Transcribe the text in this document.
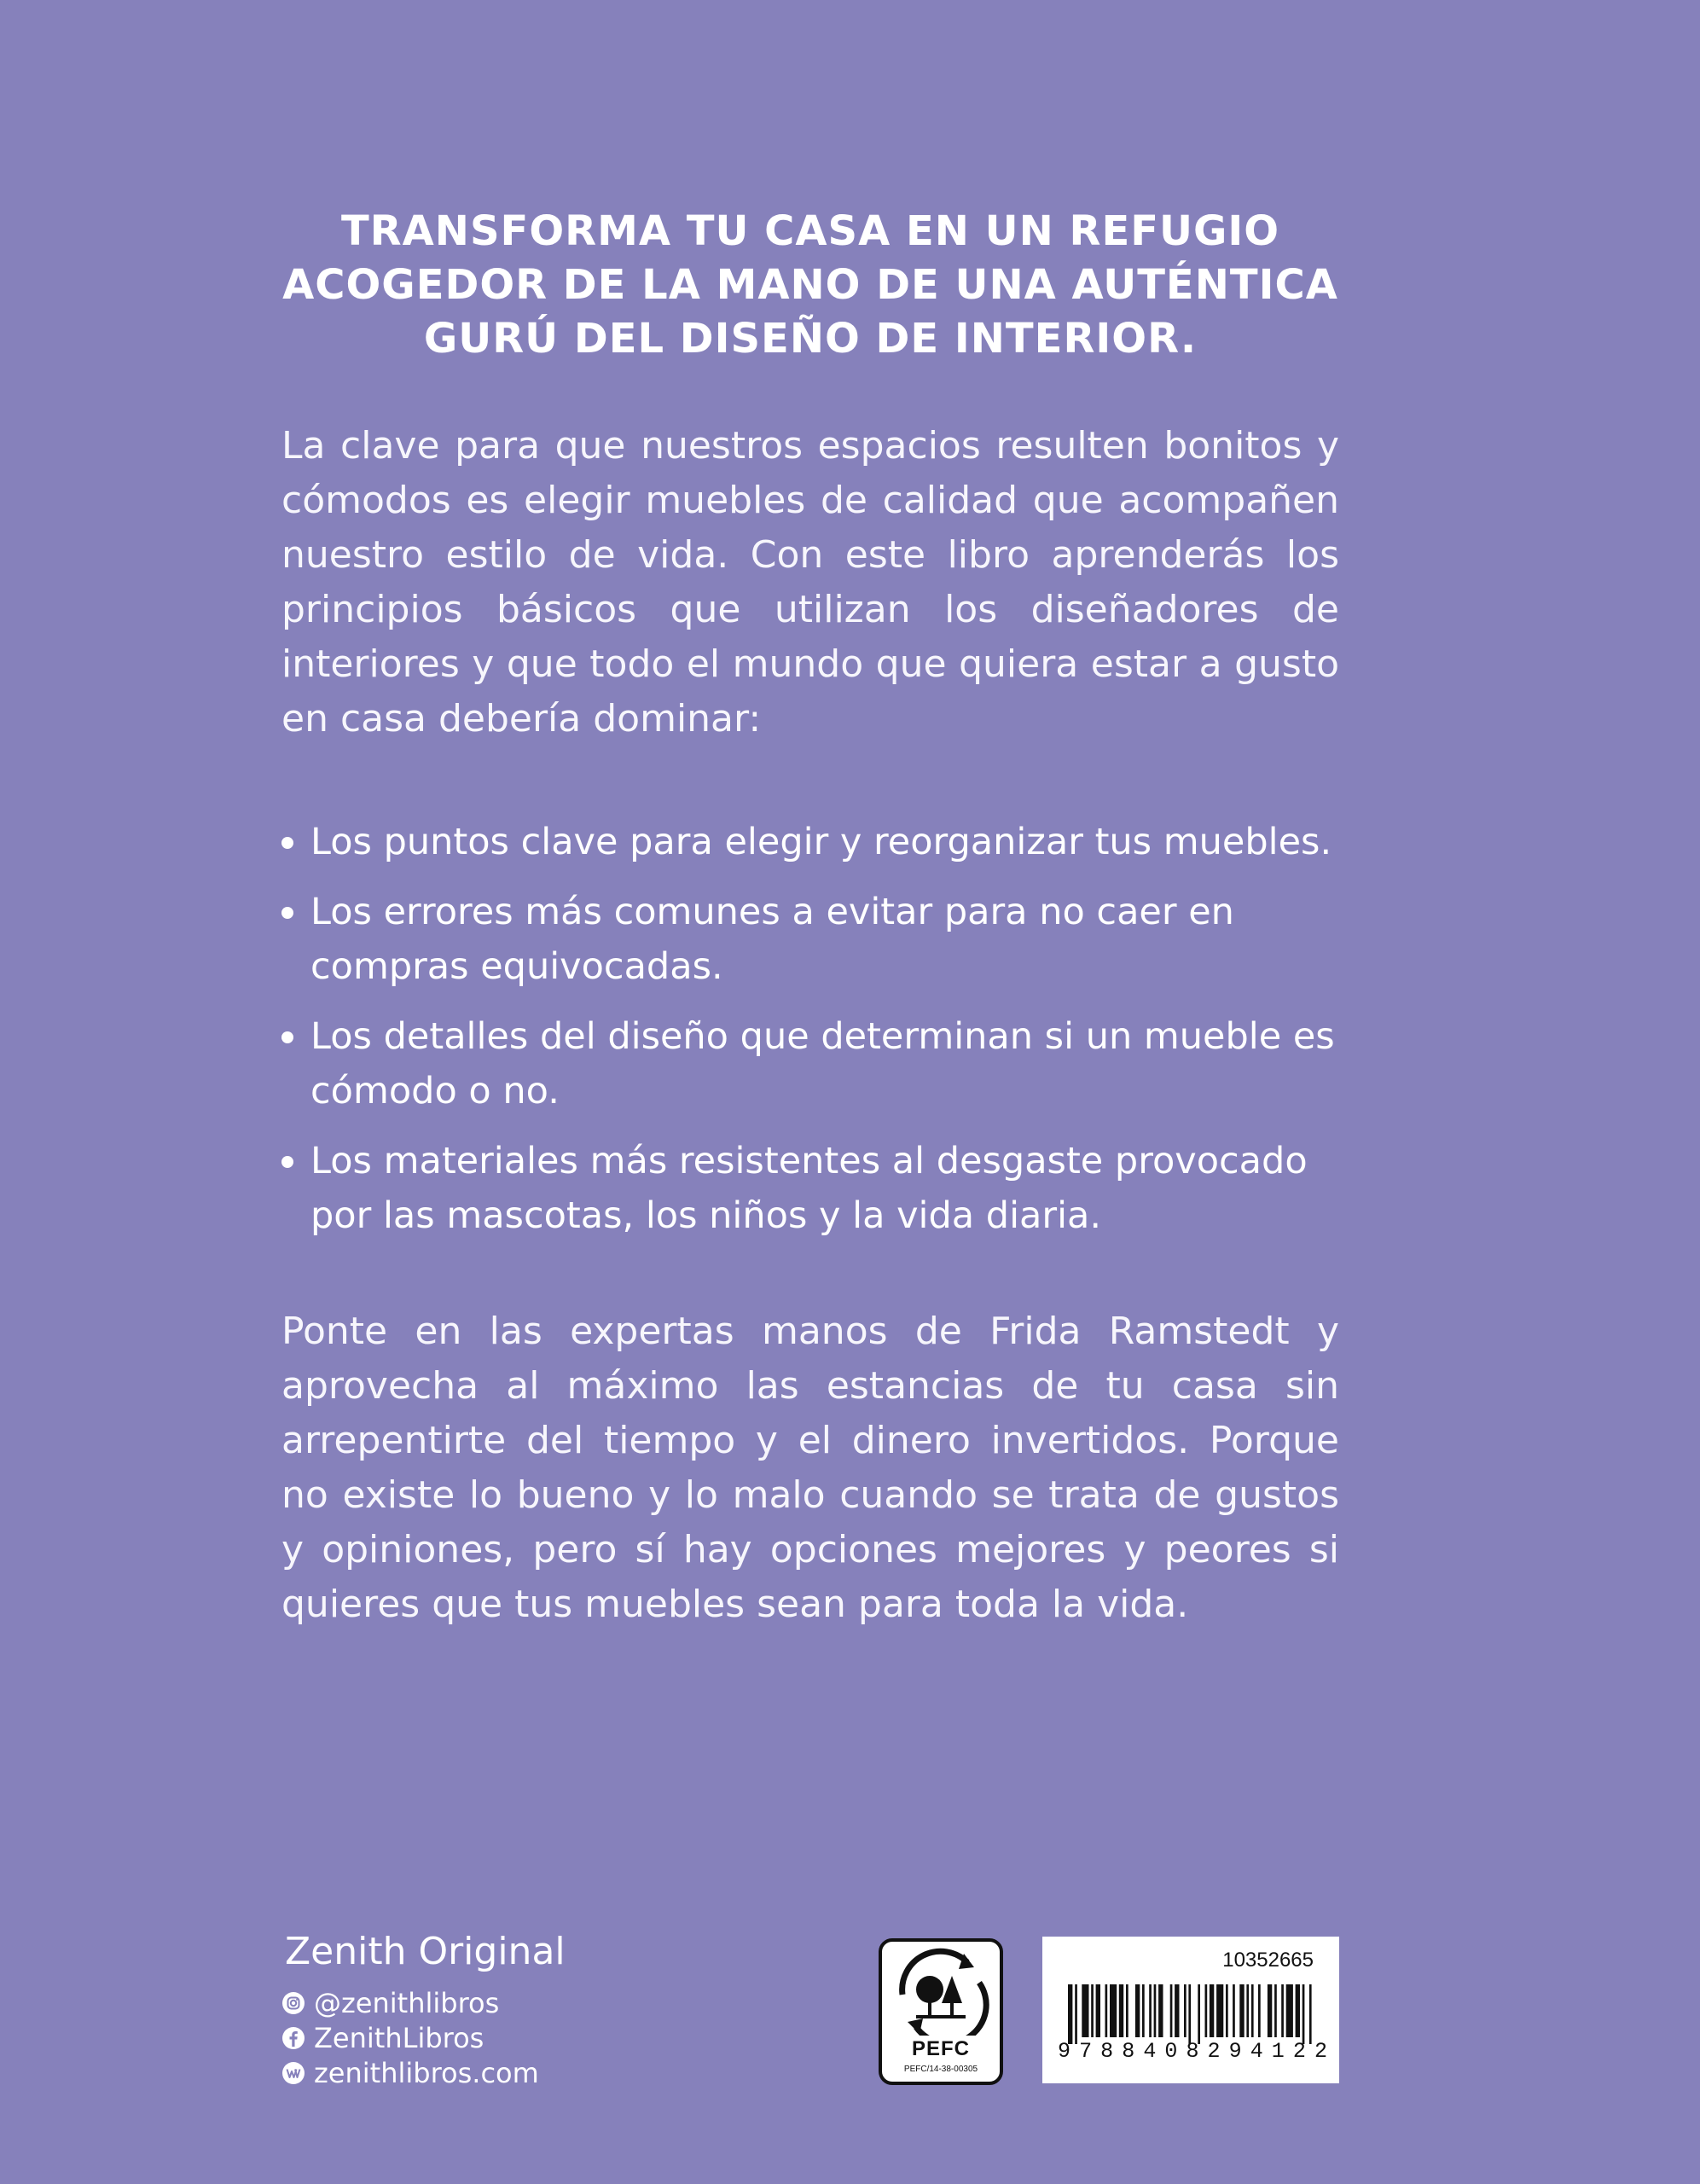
TRANSFORMA TU CASA EN UN REFUGIO
ACOGEDOR DE LA MANO DE UNA AUTÉNTICA
GURÚ DEL DISEÑO DE INTERIOR.

La clave para que nuestros espacios resulten bonitos y cómodos es elegir muebles de calidad que acompañen nuestro estilo de vida. Con este libro aprenderás los principios básicos que utilizan los diseñadores de interiores y que todo el mundo que quiera estar a gusto en casa debería dominar:

Los puntos clave para elegir y reorganizar tus muebles.
Los errores más comunes a evitar para no caer en compras equivocadas.
Los detalles del diseño que determinan si un mueble es cómodo o no.
Los materiales más resistentes al desgaste provocado por las mascotas, los niños y la vida diaria.

Ponte en las expertas manos de Frida Ramstedt y aprovecha al máximo las estancias de tu casa sin arrepentirte del tiempo y el dinero invertidos. Porque no existe lo bueno y lo malo cuando se trata de gustos y opiniones, pero sí hay opciones mejores y peores si quieres que tus muebles sean para toda la vida.

Zenith Original
@zenithlibros
ZenithLibros
zenithlibros.com
PEFC
PEFC/14-38-00305
10352665
9 7 8 8 4 0 8 2 9 4 1 2 2
